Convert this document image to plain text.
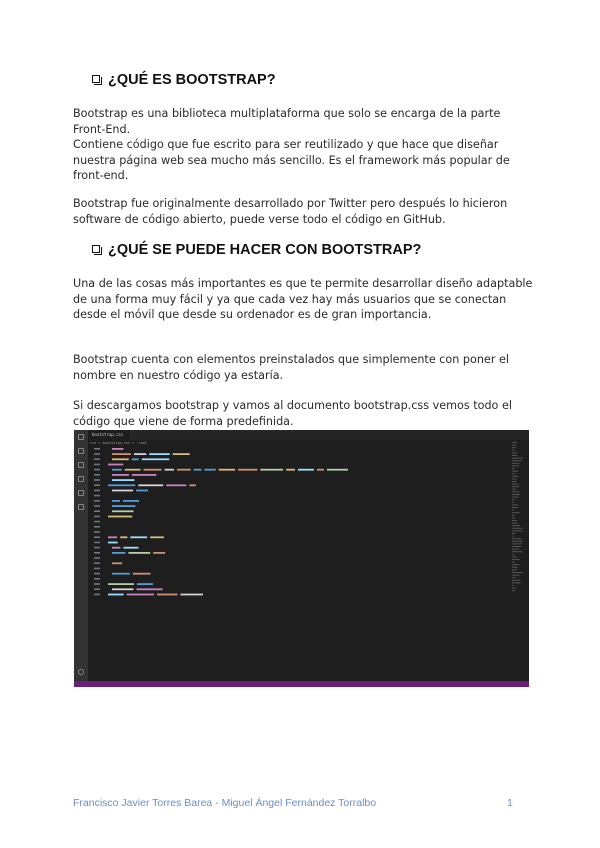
¿QUÉ ES BOOTSTRAP?
Bootstrap es una biblioteca multiplataforma que solo se encarga de la parte
Front-End.
Contiene código que fue escrito para ser reutilizado y que hace que diseñar
nuestra página web sea mucho más sencillo. Es el framework más popular de
front-end.
Bootstrap fue originalmente desarrollado por Twitter pero después lo hicieron
software de código abierto, puede verse todo el código en GitHub.
¿QUÉ SE PUEDE HACER CON BOOTSTRAP?
Una de las cosas más importantes es que te permite desarrollar diseño adaptable
de una forma muy fácil y ya que cada vez hay más usuarios que se conectan
desde el móvil que desde su ordenador es de gran importancia.
Bootstrap cuenta con elementos preinstalados que simplemente con poner el
nombre en nuestro código ya estaría.
Si descargamos bootstrap y vamos al documento bootstrap.css vemos todo el
código que viene de forma predefinida.
bootstrap.css
css > bootstrap.css > :root
Francisco Javier Torres Barea - Miguel Ángel Fernández Torralbo	1
